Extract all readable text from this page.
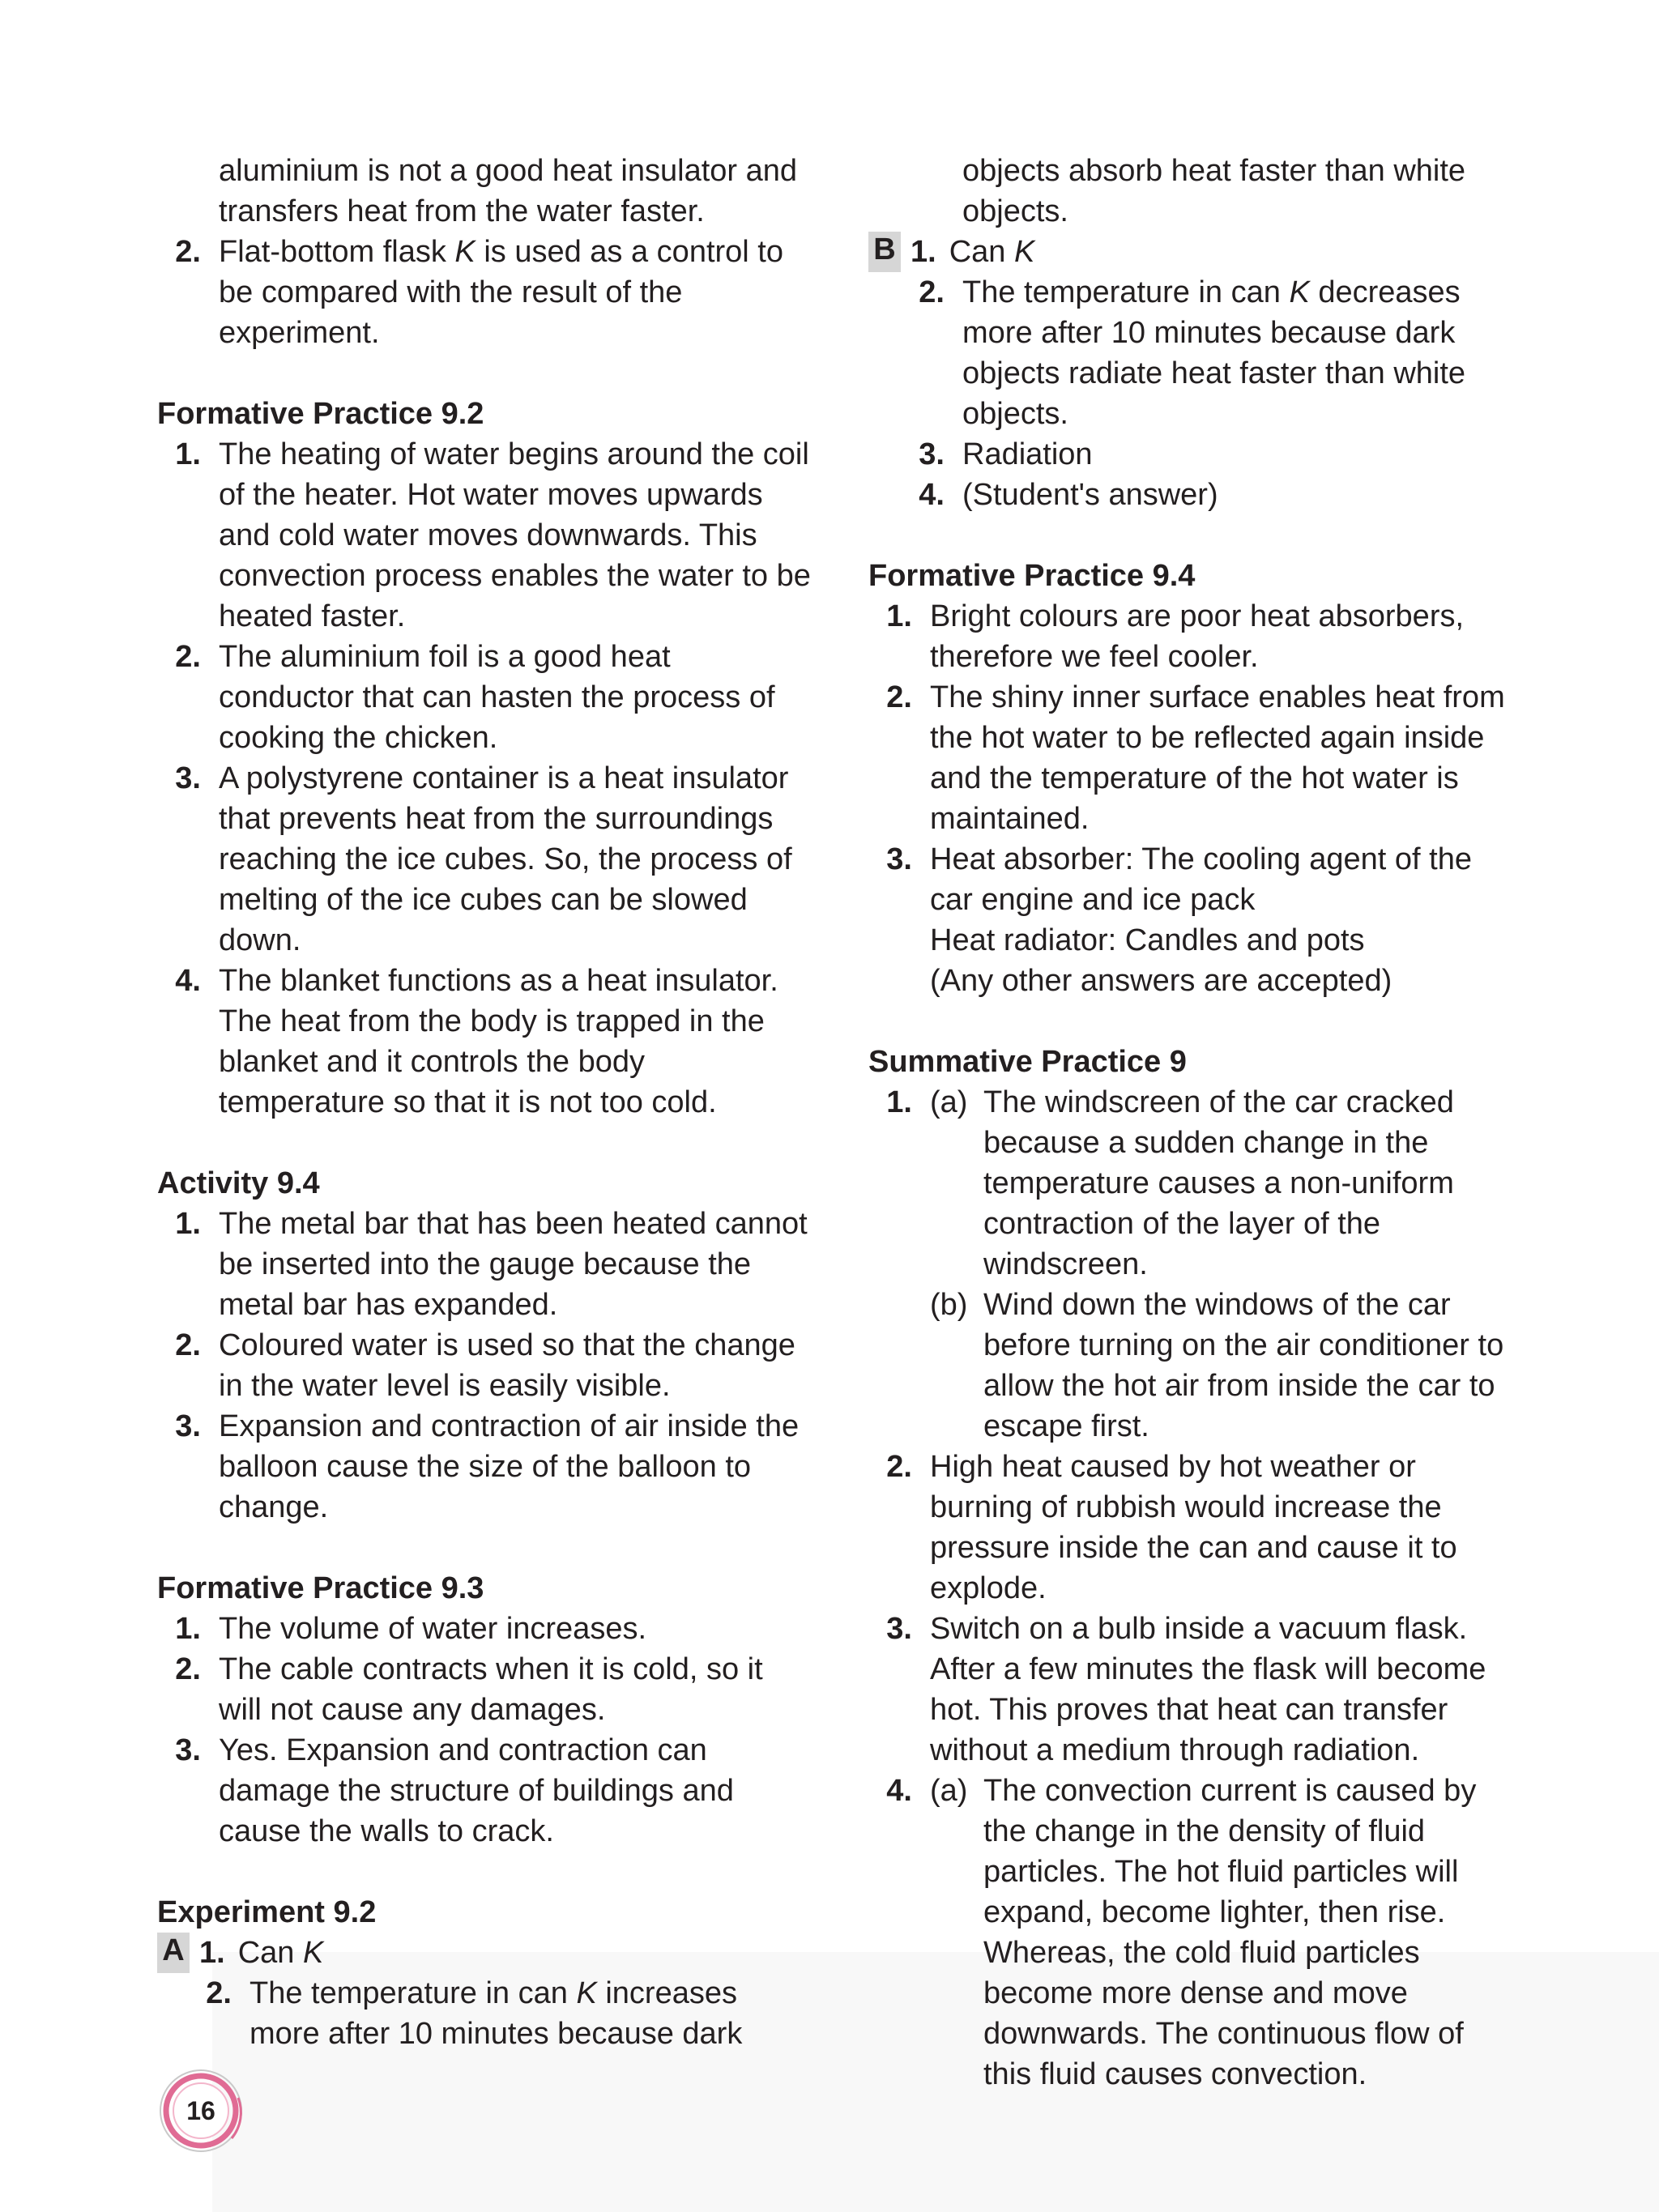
aluminium is not a good heat insulator and transfers heat from the water faster.
2. Flat-bottom flask K is used as a control to be compared with the result of the experiment.
Formative Practice 9.2
1. The heating of water begins around the coil of the heater. Hot water moves upwards and cold water moves downwards. This convection process enables the water to be heated faster.
2. The aluminium foil is a good heat conductor that can hasten the process of cooking the chicken.
3. A polystyrene container is a heat insulator that prevents heat from the surroundings reaching the ice cubes. So, the process of melting of the ice cubes can be slowed down.
4. The blanket functions as a heat insulator. The heat from the body is trapped in the blanket and it controls the body temperature so that it is not too cold.
Activity 9.4
1. The metal bar that has been heated cannot be inserted into the gauge because the metal bar has expanded.
2. Coloured water is used so that the change in the water level is easily visible.
3. Expansion and contraction of air inside the balloon cause the size of the balloon to change.
Formative Practice 9.3
1. The volume of water increases.
2. The cable contracts when it is cold, so it will not cause any damages.
3. Yes. Expansion and contraction can damage the structure of buildings and cause the walls to crack.
Experiment 9.2
A 1. Can K
2. The temperature in can K increases more after 10 minutes because dark
objects absorb heat faster than white objects.
B 1. Can K
2. The temperature in can K decreases more after 10 minutes because dark objects radiate heat faster than white objects.
3. Radiation
4. (Student's answer)
Formative Practice 9.4
1. Bright colours are poor heat absorbers, therefore we feel cooler.
2. The shiny inner surface enables heat from the hot water to be reflected again inside and the temperature of the hot water is maintained.
3. Heat absorber: The cooling agent of the car engine and ice pack
Heat radiator: Candles and pots
(Any other answers are accepted)
Summative Practice 9
1. (a) The windscreen of the car cracked because a sudden change in the temperature causes a non-uniform contraction of the layer of the windscreen.
(b) Wind down the windows of the car before turning on the air conditioner to allow the hot air from inside the car to escape first.
2. High heat caused by hot weather or burning of rubbish would increase the pressure inside the can and cause it to explode.
3. Switch on a bulb inside a vacuum flask. After a few minutes the flask will become hot. This proves that heat can transfer without a medium through radiation.
4. (a) The convection current is caused by the change in the density of fluid particles. The hot fluid particles will expand, become lighter, then rise. Whereas, the cold fluid particles become more dense and move downwards. The continuous flow of this fluid causes convection.
16
